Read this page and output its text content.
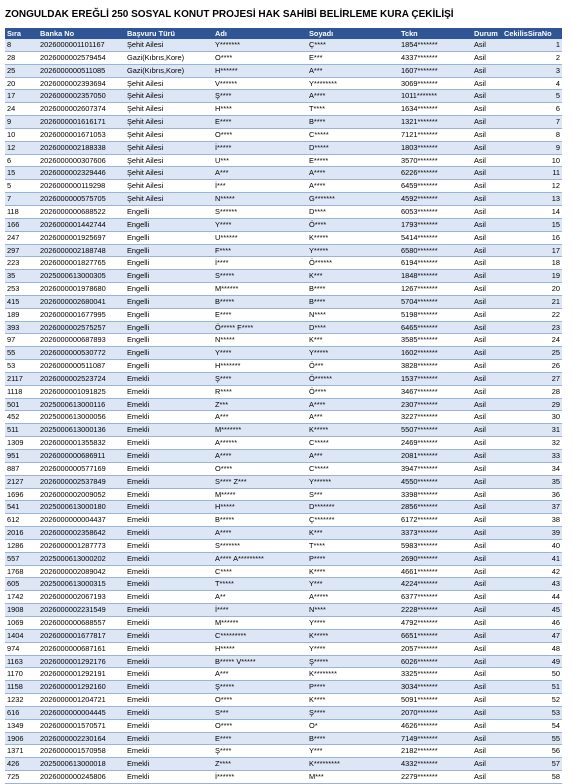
ZONGULDAK EREĞLİ 250 SOSYAL KONUT PROJESİ HAK SAHİBİ BELİRLEME KURA ÇEKİLİŞİ
Sıra	Banka No	Başvuru Türü	Adı	Soyadı	Tckn	Durum	CekilisSiraNo
8	2026000001101167	Şehit Ailesi	Y*******	Ç****	1854*******	Asil	1
28	2026000002579454	Gazi(Kıbrıs,Kore)	O****	E***	4337*******	Asil	2
25	2026000000511085	Gazi(Kıbrıs,Kore)	H******	A***	1607*******	Asil	3
20	2026000002393694	Şehit Ailesi	V******	Y********	3069*******	Asil	4
17	2026000002357050	Şehit Ailesi	Ş****	A****	1011*******	Asil	5
24	2026000002607374	Şehit Ailesi	H****	T****	1634*******	Asil	6
9	2026000001616171	Şehit Ailesi	E****	B****	1321*******	Asil	7
10	2026000001671053	Şehit Ailesi	O****	C*****	7121*******	Asil	8
12	2026000002188338	Şehit Ailesi	İ*****	D*****	1803*******	Asil	9
6	2026000000307606	Şehit Ailesi	U***	E*****	3570*******	Asil	10
15	2026000002329446	Şehit Ailesi	A***	A****	6226*******	Asil	11
5	2026000000119298	Şehit Ailesi	İ***	A****	6459*******	Asil	12
7	2026000000575705	Şehit Ailesi	N*****	G*******	4592*******	Asil	13
118	2026000000688522	Engelli	S******	D****	6053*******	Asil	14
166	2026000001442744	Engelli	Y****	Ö****	1793*******	Asil	15
247	2026000001925697	Engelli	U******	K*****	5414*******	Asil	16
297	2026000002188748	Engelli	F****	Y*****	6580*******	Asil	17
223	2026000001827765	Engelli	İ****	Ö******	6194*******	Asil	18
35	2025000613000305	Engelli	S*****	K***	1848*******	Asil	19
253	2026000001978680	Engelli	M******	B****	1267*******	Asil	20
415	2026000002680041	Engelli	B*****	B****	5704*******	Asil	21
189	2026000001677995	Engelli	E****	N****	5198*******	Asil	22
393	2026000002575257	Engelli	Ö***** F****	D****	6465*******	Asil	23
97	2026000000687893	Engelli	N*****	K***	3585*******	Asil	24
55	2026000000530772	Engelli	Y****	Y*****	1602*******	Asil	25
53	2026000000511087	Engelli	H*******	Ö***	3828*******	Asil	26
2117	2026000002523724	Emekli	Ş****	Ö******	1537*******	Asil	27
1118	2026000001091825	Emekli	R****	Ö****	3467*******	Asil	28
501	2025000613000116	Emekli	Z***	A****	2307*******	Asil	29
452	2025000613000056	Emekli	A***	A***	3227*******	Asil	30
511	2025000613000136	Emekli	M*******	K*****	5507*******	Asil	31
1309	2026000001355832	Emekli	A******	C*****	2469*******	Asil	32
951	2026000000686911	Emekli	A****	A***	2081*******	Asil	33
887	2026000000577169	Emekli	O****	C*****	3947*******	Asil	34
2127	2026000002537849	Emekli	S**** Z***	Y******	4550*******	Asil	35
1696	2026000002009052	Emekli	M*****	S***	3398*******	Asil	36
541	2025000613000180	Emekli	H*****	D*******	2856*******	Asil	37
612	2026000000004437	Emekli	B*****	Ç*******	6172*******	Asil	38
2016	2026000002358642	Emekli	A****	K***	3373*******	Asil	39
1286	2026000001287773	Emekli	S*******	T****	5983*******	Asil	40
557	2025000613000202	Emekli	A**** A*********	P****	2690*******	Asil	41
1768	2026000002089042	Emekli	C****	K****	4661*******	Asil	42
605	2025000613000315	Emekli	T*****	Y***	4224*******	Asil	43
1742	2026000002067193	Emekli	A**	A*****	6377*******	Asil	44
1908	2026000002231549	Emekli	İ****	N****	2228*******	Asil	45
1069	2026000000688557	Emekli	M******	Y****	4792*******	Asil	46
1404	2026000001677817	Emekli	C*********	K*****	6651*******	Asil	47
974	2026000000687161	Emekli	H*****	Y****	2057*******	Asil	48
1163	2026000001292176	Emekli	B***** V*****	Ş*****	6026*******	Asil	49
1170	2026000001292191	Emekli	A***	K********	3325*******	Asil	50
1158	2026000001292160	Emekli	Ş*****	P****	3034*******	Asil	51
1232	2026000001204721	Emekli	O****	K****	5091*******	Asil	52
616	2026000000004445	Emekli	S***	Ş****	2070*******	Asil	53
1349	2026000001570571	Emekli	O****	O*	4626*******	Asil	54
1906	2026000002230164	Emekli	E****	B****	7149*******	Asil	55
1371	2026000001570958	Emekli	Ş****	Y***	2182*******	Asil	56
426	2025000613000018	Emekli	Z****	K*********	4332*******	Asil	57
725	2026000000245806	Emekli	İ******	M***	2279*******	Asil	58
